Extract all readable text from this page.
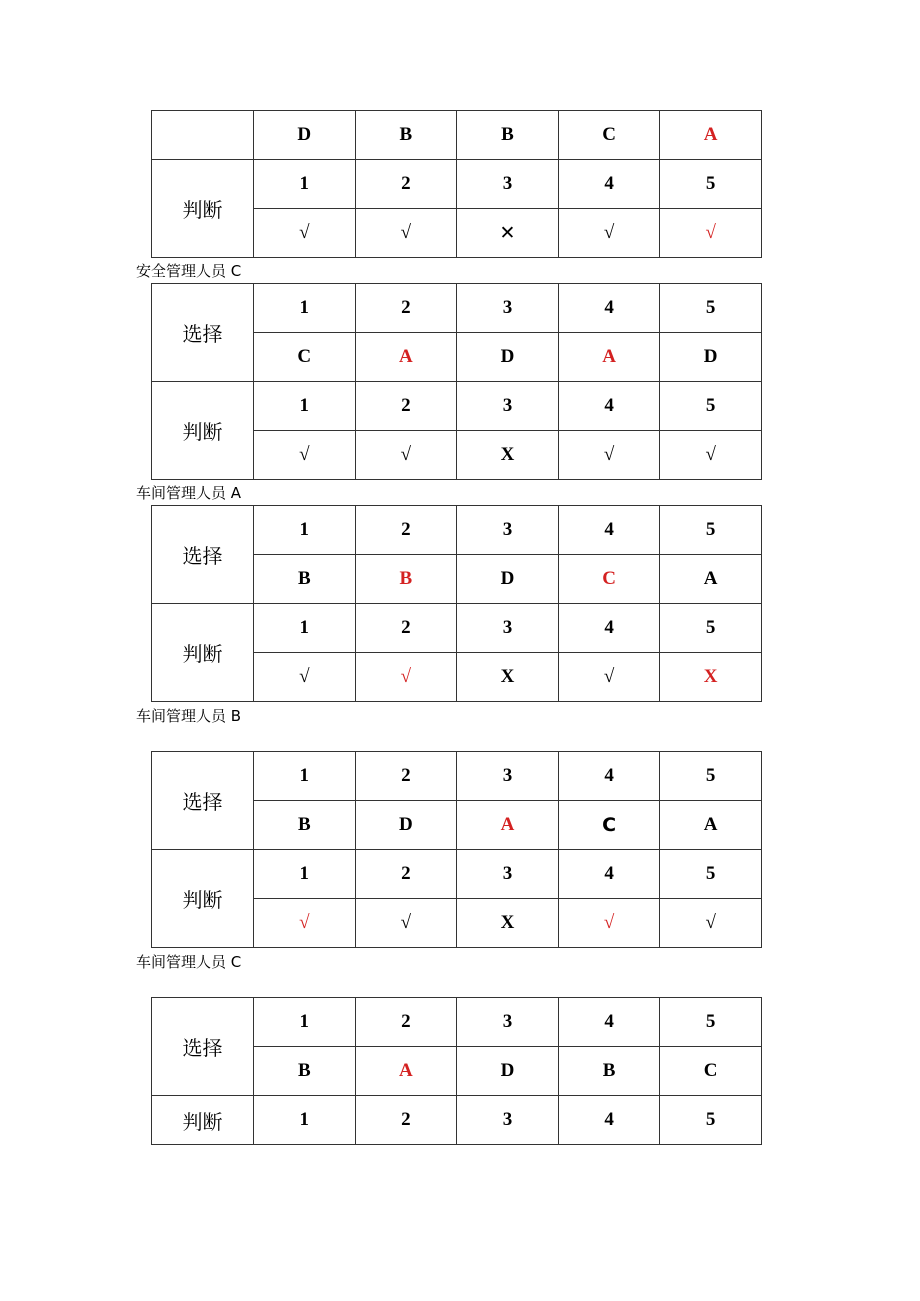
	D	B	B	C	A
判断	1	2	3	4	5
	√	√	✕	√	√
安全管理人员 C
选择	1	2	3	4	5
	C	A	D	A	D
判断	1	2	3	4	5
	√	√	X	√	√
车间管理人员 A
选择	1	2	3	4	5
	B	B	D	C	A
判断	1	2	3	4	5
	√	√	X	√	X
车间管理人员 B
选择	1	2	3	4	5
	B	D	A	C	A
判断	1	2	3	4	5
	√	√	X	√	√
车间管理人员 C
选择	1	2	3	4	5
	B	A	D	B	C
判断	1	2	3	4	5
